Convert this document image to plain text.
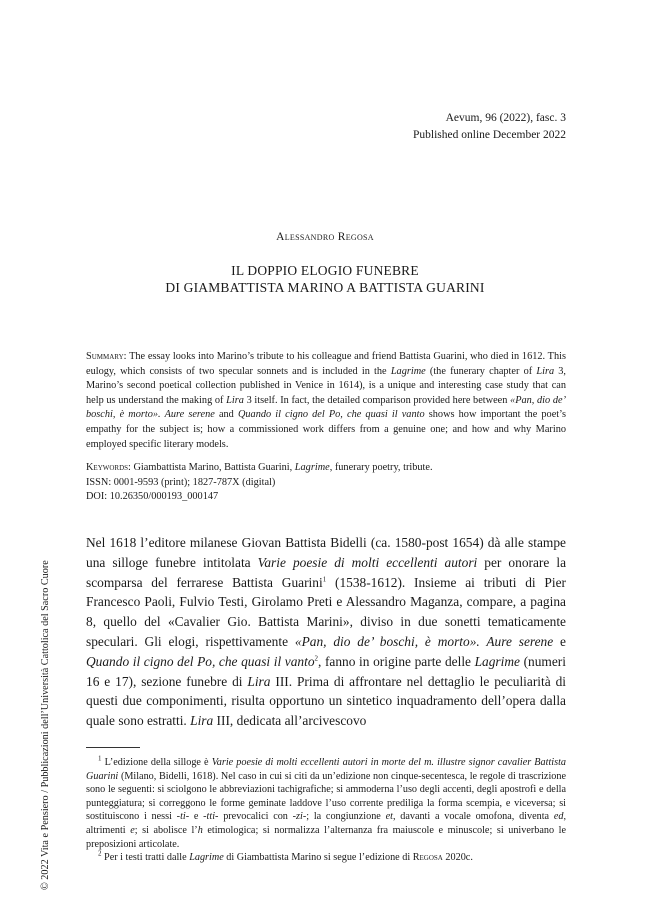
Aevum, 96 (2022), fasc. 3
Published online December 2022
Alessandro Regosa
IL DOPPIO ELOGIO FUNEBRE
DI GIAMBATTISTA MARINO A BATTISTA GUARINI
Summary: The essay looks into Marino’s tribute to his colleague and friend Battista Guarini, who died in 1612. This eulogy, which consists of two specular sonnets and is included in the Lagrime (the funerary chapter of Lira 3, Marino’s second poetical collection published in Venice in 1614), is a unique and interesting case study that can help us understand the making of Lira 3 itself. In fact, the detailed comparison provided here between «Pan, dio de’ boschi, è morto». Aure serene and Quando il cigno del Po, che quasi il vanto shows how important the poet’s empathy for the subject is; how a commissioned work differs from a genuine one; and how and why Marino employed specific literary models.
Keywords: Giambattista Marino, Battista Guarini, Lagrime, funerary poetry, tribute.
ISSN: 0001-9593 (print); 1827-787X (digital)
DOI: 10.26350/000193_000147
Nel 1618 l’editore milanese Giovan Battista Bidelli (ca. 1580-post 1654) dà alle stampe una silloge funebre intitolata Varie poesie di molti eccellenti autori per onorare la scomparsa del ferrarese Battista Guarini$^1$ (1538-1612). Insieme ai tributi di Pier Francesco Paoli, Fulvio Testi, Girolamo Preti e Alessandro Maganza, compare, a pagina 8, quello del «Cavalier Gio. Battista Marini», diviso in due sonetti tematicamente speculari. Gli elogi, rispettivamente «Pan, dio de’ boschi, è morto». Aure serene e Quando il cigno del Po, che quasi il vanto$^2$, fanno in origine parte delle Lagrime (numeri 16 e 17), sezione funebre di Lira III. Prima di affrontare nel dettaglio le peculiarità di questi due componimenti, risulta opportuno un sintetico inquadramento dell’opera dalla quale sono estratti. Lira III, dedicata all’arcivescovo
$^1$ L’edizione della silloge è Varie poesie di molti eccellenti autori in morte del m. illustre signor cavalier Battista Guarini (Milano, Bidelli, 1618). Nel caso in cui si citi da un’edizione non cinque-secentesca, le regole di trascrizione sono le seguenti: si sciolgono le abbreviazioni tachigrafiche; si ammoderna l’uso degli accenti, degli apostrofi e della punteggiatura; si correggono le forme geminate laddove l’uso corrente prediliga la forma scempia, e viceversa; si sostituiscono i nessi -ti- e -tti- prevocalici con -zi-; la congiunzione et, davanti a vocale omofona, diventa ed, altrimenti e; si abolisce l’h etimologica; si normalizza l’alternanza fra maiuscole e minuscole; si univerbano le preposizioni articolate.
$^2$ Per i testi tratti dalle Lagrime di Giambattista Marino si segue l’edizione di Regosa 2020c.
© 2022 Vita e Pensiero / Pubblicazioni dell’Università Cattolica del Sacro Cuore
